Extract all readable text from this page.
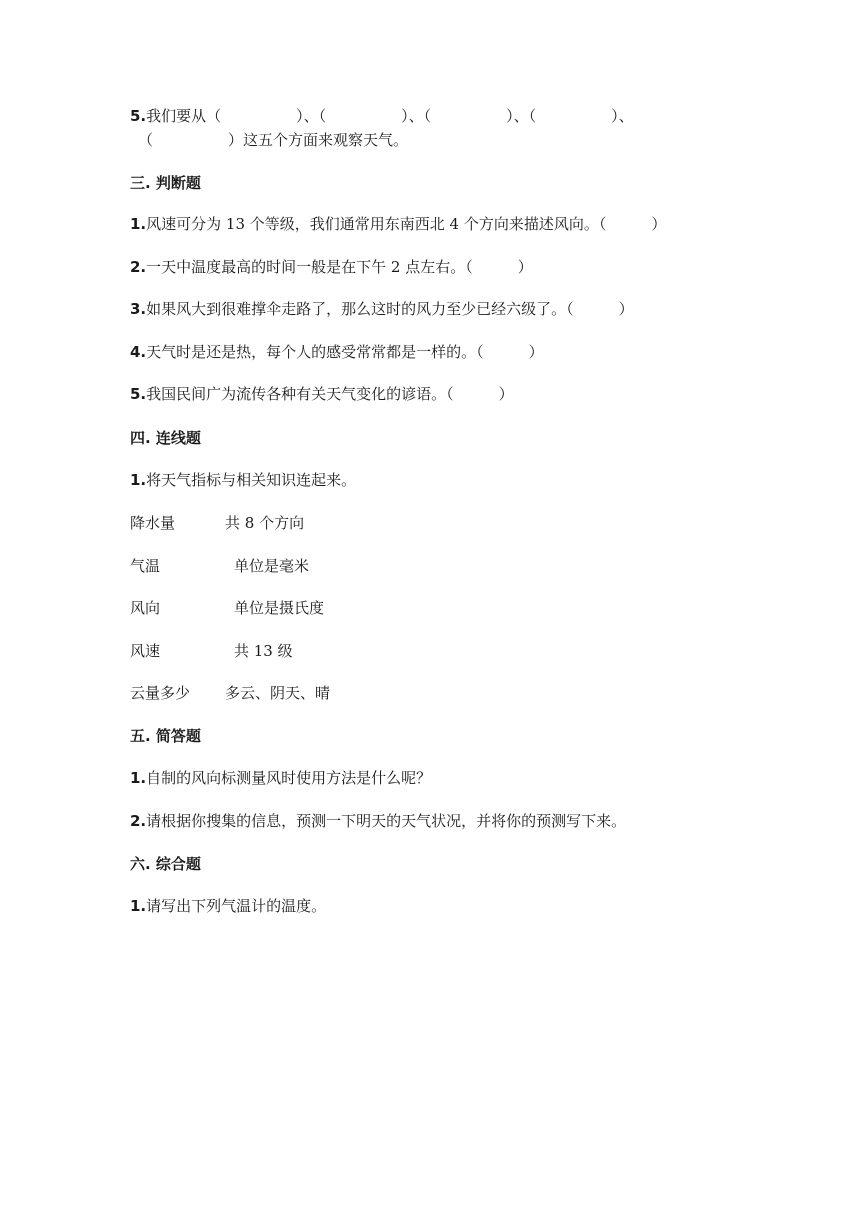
5.我们要从（　　　　　）、（　　　　　）、（　　　　　）、（　　　　　）、
（　　　　　）这五个方面来观察天气。
三. 判断题
1.风速可分为 13 个等级，我们通常用东南西北 4 个方向来描述风向。（　　　）
2.一天中温度最高的时间一般是在下午 2 点左右。（　　　）
3.如果风大到很难撑伞走路了，那么这时的风力至少已经六级了。（　　　）
4.天气时是还是热，每个人的感受常常都是一样的。（　　　）
5.我国民间广为流传各种有关天气变化的谚语。（　　　）
四. 连线题
1.将天气指标与相关知识连起来。
降水量	共 8 个方向
气温	单位是毫米
风向	单位是摄氏度
风速	共 13 级
云量多少 多云、阴天、晴
五. 简答题
1.自制的风向标测量风时使用方法是什么呢？
2.请根据你搜集的信息，预测一下明天的天气状况，并将你的预测写下来。
六. 综合题
1.请写出下列气温计的温度。
